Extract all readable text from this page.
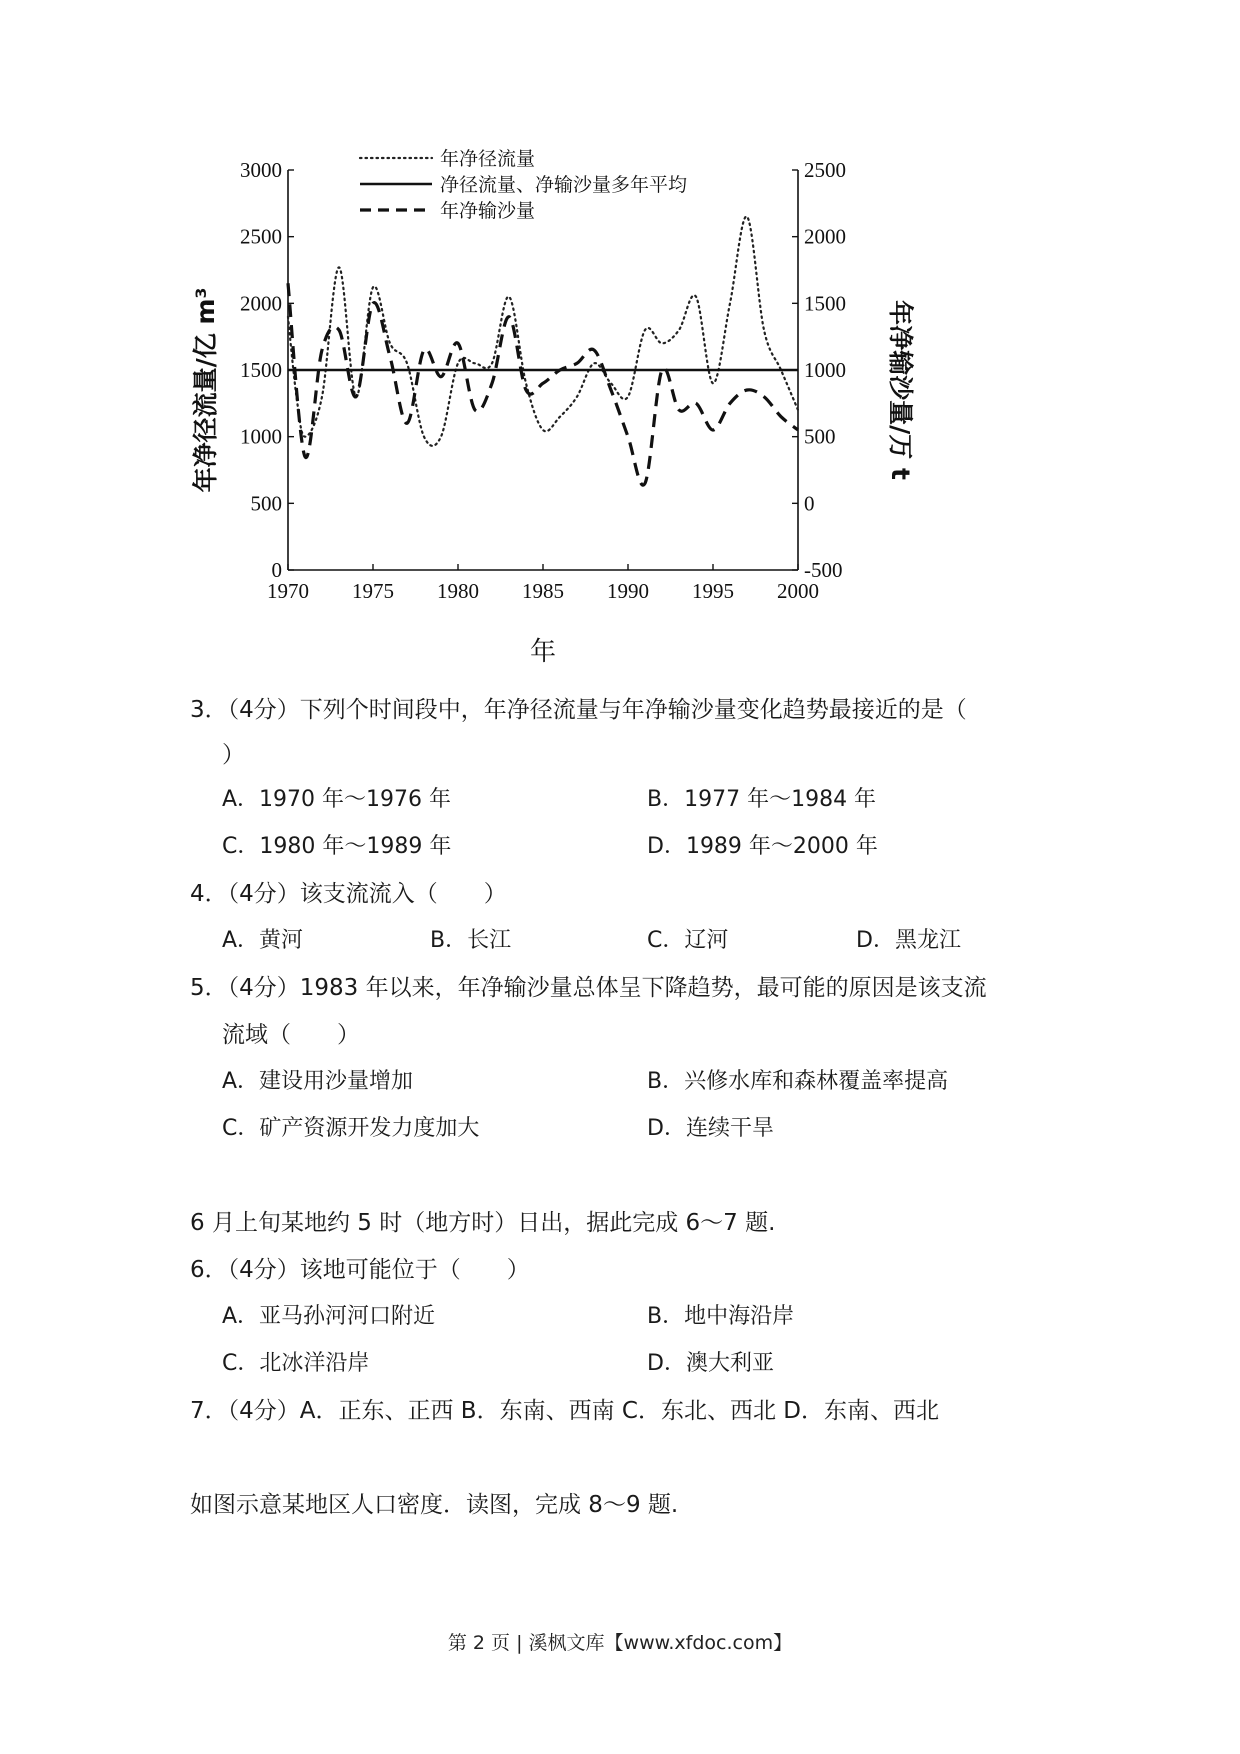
0
500
1000
1500
2000
2500
3000
-500
0
500
1000
1500
2000
2500
1970 1975 1980 1985 1990 1995 2000
年净径流量
净径流量、净输沙量多年平均
年净输沙量
年净径流量/亿 m³	年净输沙量/万 t
年
3．（4分）下列个时间段中，年净径流量与年净输沙量变化趋势最接近的是（
）
A．1970 年～1976 年	B．1977 年～1984 年
C．1980 年～1989 年	D．1989 年～2000 年
4．（4分）该支流流入（　　）
A．黄河	B．长江	C．辽河	D．黑龙江
5．（4分）1983 年以来，年净输沙量总体呈下降趋势，最可能的原因是该支流
流域（　　）
A．建设用沙量增加	B．兴修水库和森林覆盖率提高
C．矿产资源开发力度加大	D．连续干旱
6 月上旬某地约 5 时（地方时）日出，据此完成 6～7 题.
6．（4分）该地可能位于（　　）
A．亚马孙河河口附近	B．地中海沿岸
C．北冰洋沿岸	D．澳大利亚
7．（4分）A．正东、正西 B．东南、西南 C．东北、西北 D．东南、西北
如图示意某地区人口密度．读图，完成 8～9 题.
第 2 页 | 溪枫文库【www.xfdoc.com】
